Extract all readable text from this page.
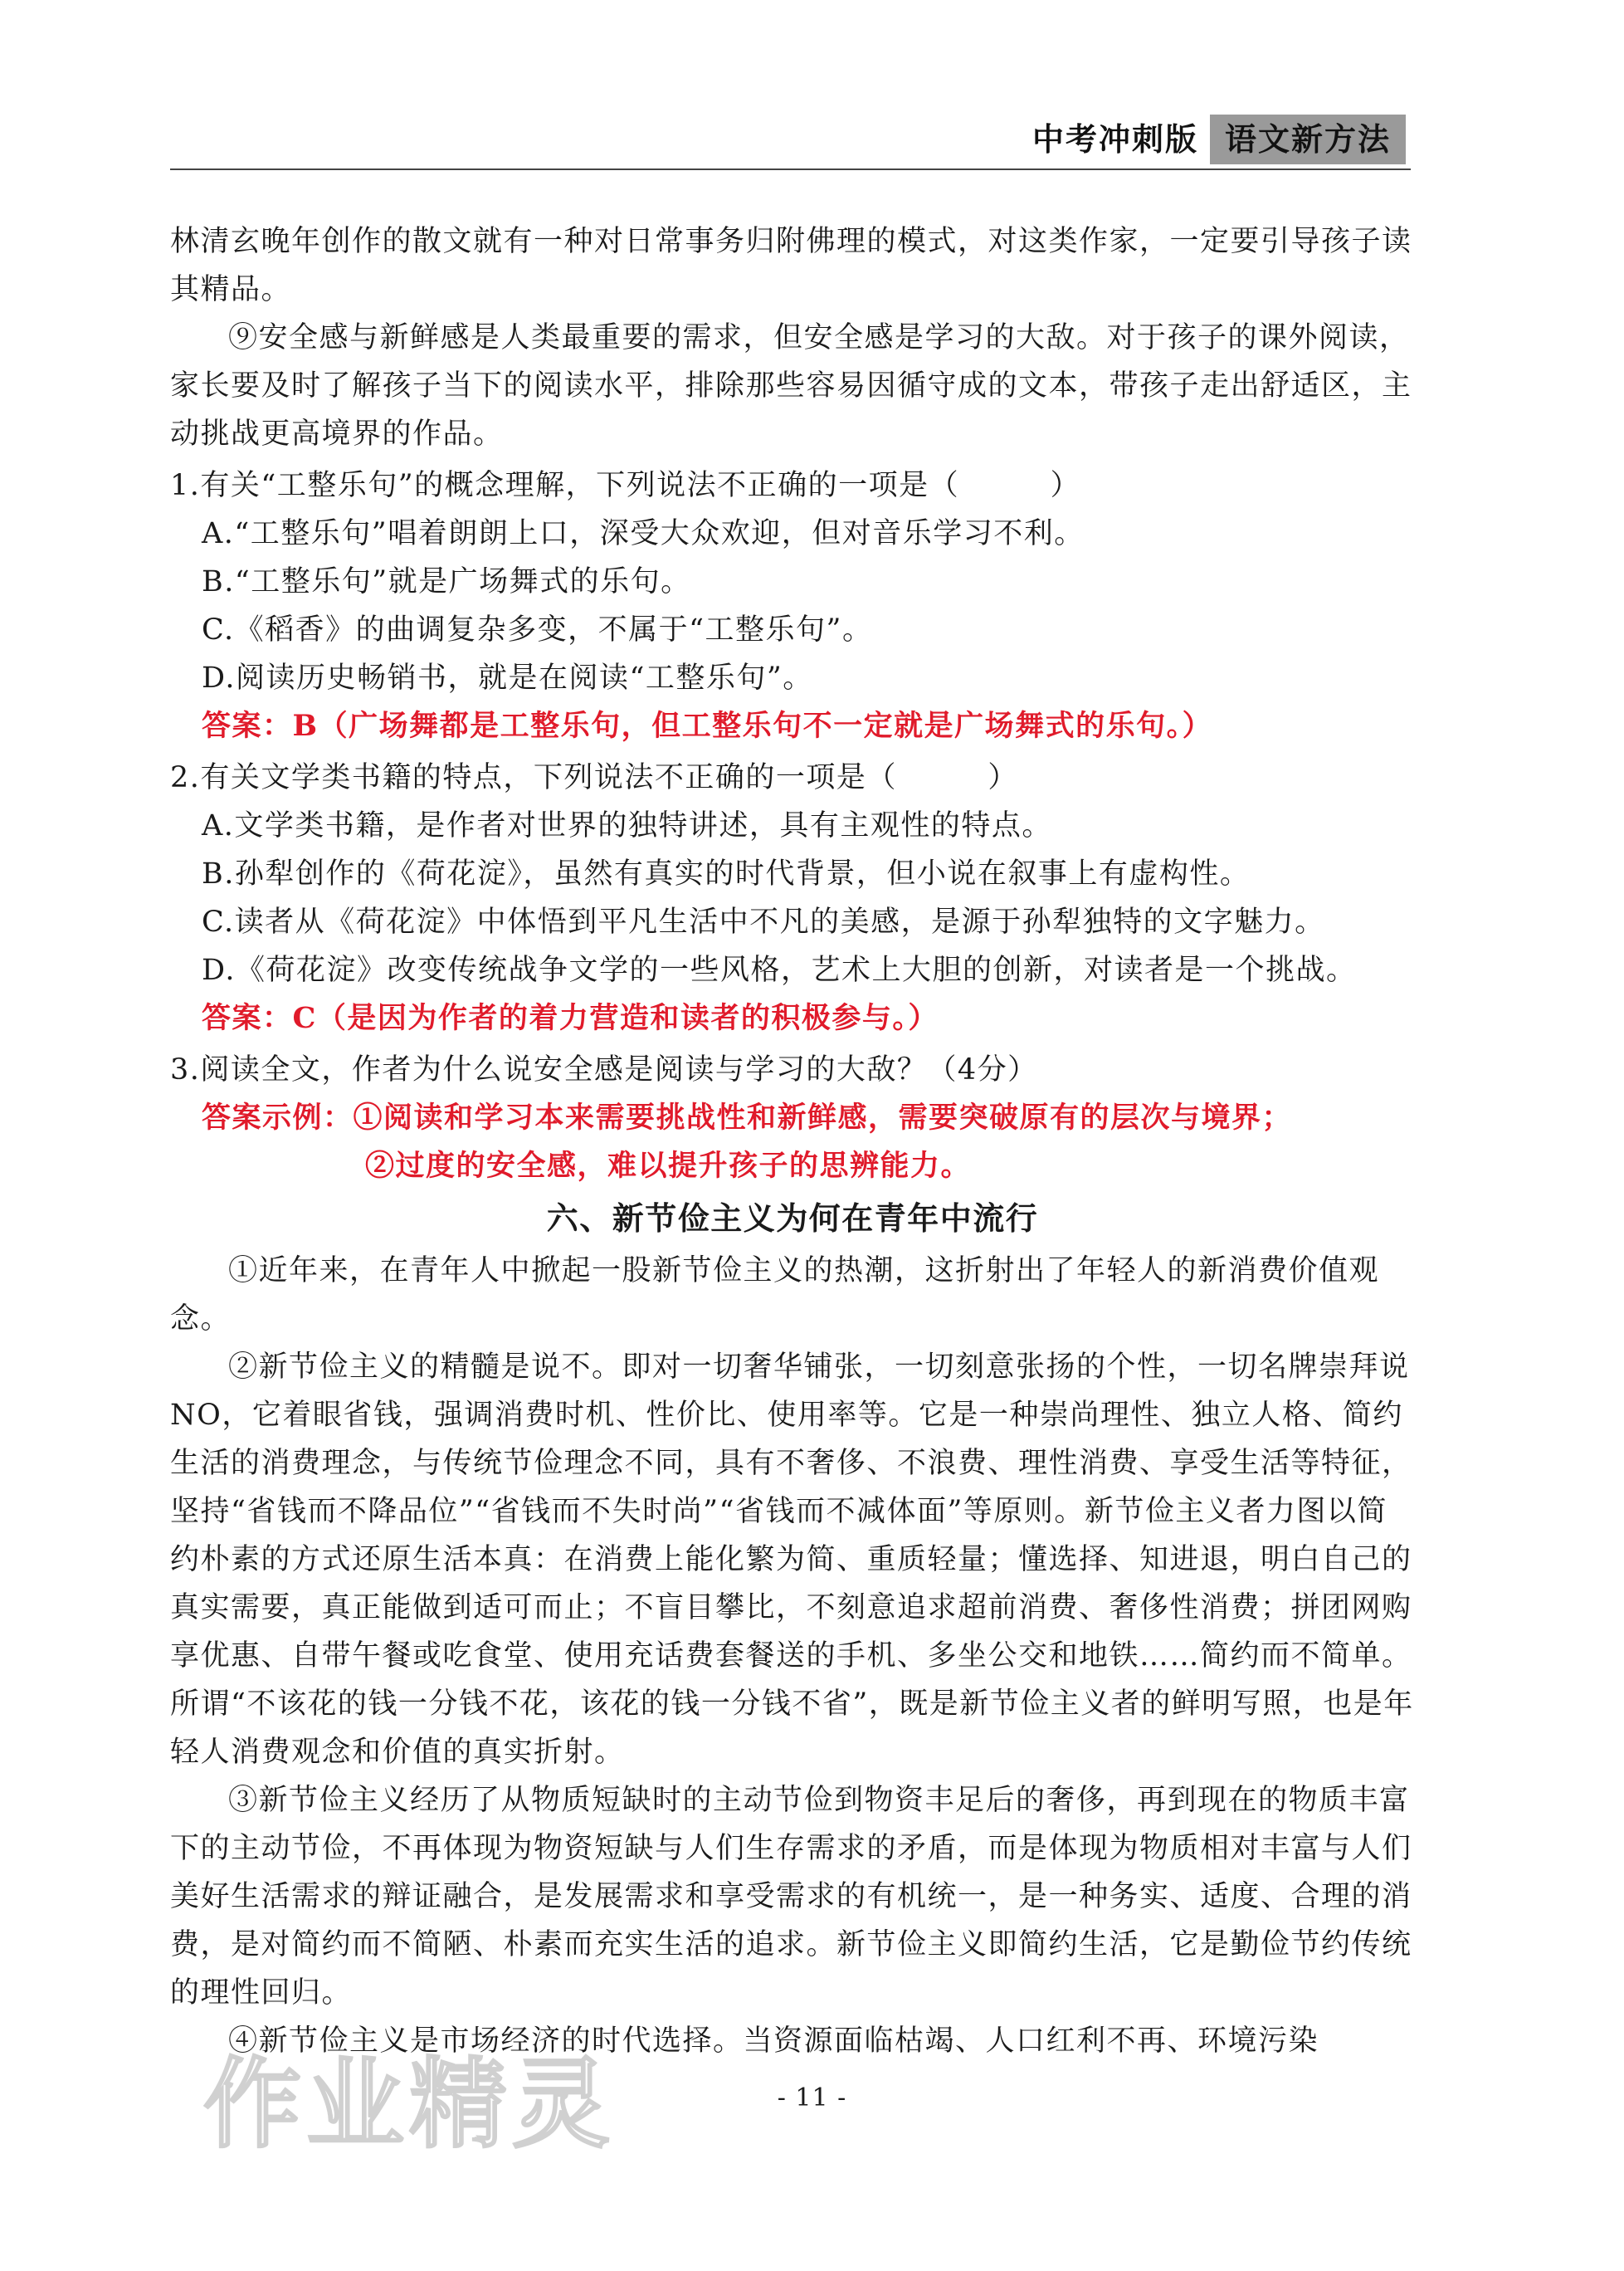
中考冲刺版 语文新方法

林清玄晚年创作的散文就有一种对日常事务归附佛理的模式，对这类作家，一定要引导孩子读其精品。

⑨安全感与新鲜感是人类最重要的需求，但安全感是学习的大敌。对于孩子的课外阅读，家长要及时了解孩子当下的阅读水平，排除那些容易因循守成的文本，带孩子走出舒适区，主动挑战更高境界的作品。

1.有关“工整乐句”的概念理解，下列说法不正确的一项是（　　　）

A.“工整乐句”唱着朗朗上口，深受大众欢迎，但对音乐学习不利。

B.“工整乐句”就是广场舞式的乐句。

C.《稻香》的曲调复杂多变，不属于“工整乐句”。

D.阅读历史畅销书，就是在阅读“工整乐句”。

答案：B（广场舞都是工整乐句，但工整乐句不一定就是广场舞式的乐句。）

2.有关文学类书籍的特点，下列说法不正确的一项是（　　　）

A.文学类书籍，是作者对世界的独特讲述，具有主观性的特点。

B.孙犁创作的《荷花淀》，虽然有真实的时代背景，但小说在叙事上有虚构性。

C.读者从《荷花淀》中体悟到平凡生活中不凡的美感，是源于孙犁独特的文字魅力。

D.《荷花淀》改变传统战争文学的一些风格，艺术上大胆的创新，对读者是一个挑战。

答案：C（是因为作者的着力营造和读者的积极参与。）

3.阅读全文，作者为什么说安全感是阅读与学习的大敌？（4分）

答案示例：①阅读和学习本来需要挑战性和新鲜感，需要突破原有的层次与境界；

②过度的安全感，难以提升孩子的思辨能力。

六、新节俭主义为何在青年中流行

①近年来，在青年人中掀起一股新节俭主义的热潮，这折射出了年轻人的新消费价值观念。

②新节俭主义的精髓是说不。即对一切奢华铺张，一切刻意张扬的个性，一切名牌崇拜说NO，它着眼省钱，强调消费时机、性价比、使用率等。它是一种崇尚理性、独立人格、简约生活的消费理念，与传统节俭理念不同，具有不奢侈、不浪费、理性消费、享受生活等特征，坚持“省钱而不降品位”“省钱而不失时尚”“省钱而不减体面”等原则。新节俭主义者力图以简约朴素的方式还原生活本真：在消费上能化繁为简、重质轻量；懂选择、知进退，明白自己的真实需要，真正能做到适可而止；不盲目攀比，不刻意追求超前消费、奢侈性消费；拼团网购享优惠、自带午餐或吃食堂、使用充话费套餐送的手机、多坐公交和地铁……简约而不简单。所谓“不该花的钱一分钱不花，该花的钱一分钱不省”，既是新节俭主义者的鲜明写照，也是年轻人消费观念和价值的真实折射。

③新节俭主义经历了从物质短缺时的主动节俭到物资丰足后的奢侈，再到现在的物质丰富下的主动节俭，不再体现为物资短缺与人们生存需求的矛盾，而是体现为物质相对丰富与人们美好生活需求的辩证融合，是发展需求和享受需求的有机统一，是一种务实、适度、合理的消费，是对简约而不简陋、朴素而充实生活的追求。新节俭主义即简约生活，它是勤俭节约传统的理性回归。

④新节俭主义是市场经济的时代选择。当资源面临枯竭、人口红利不再、环境污染

作业精灵	- 11 -
